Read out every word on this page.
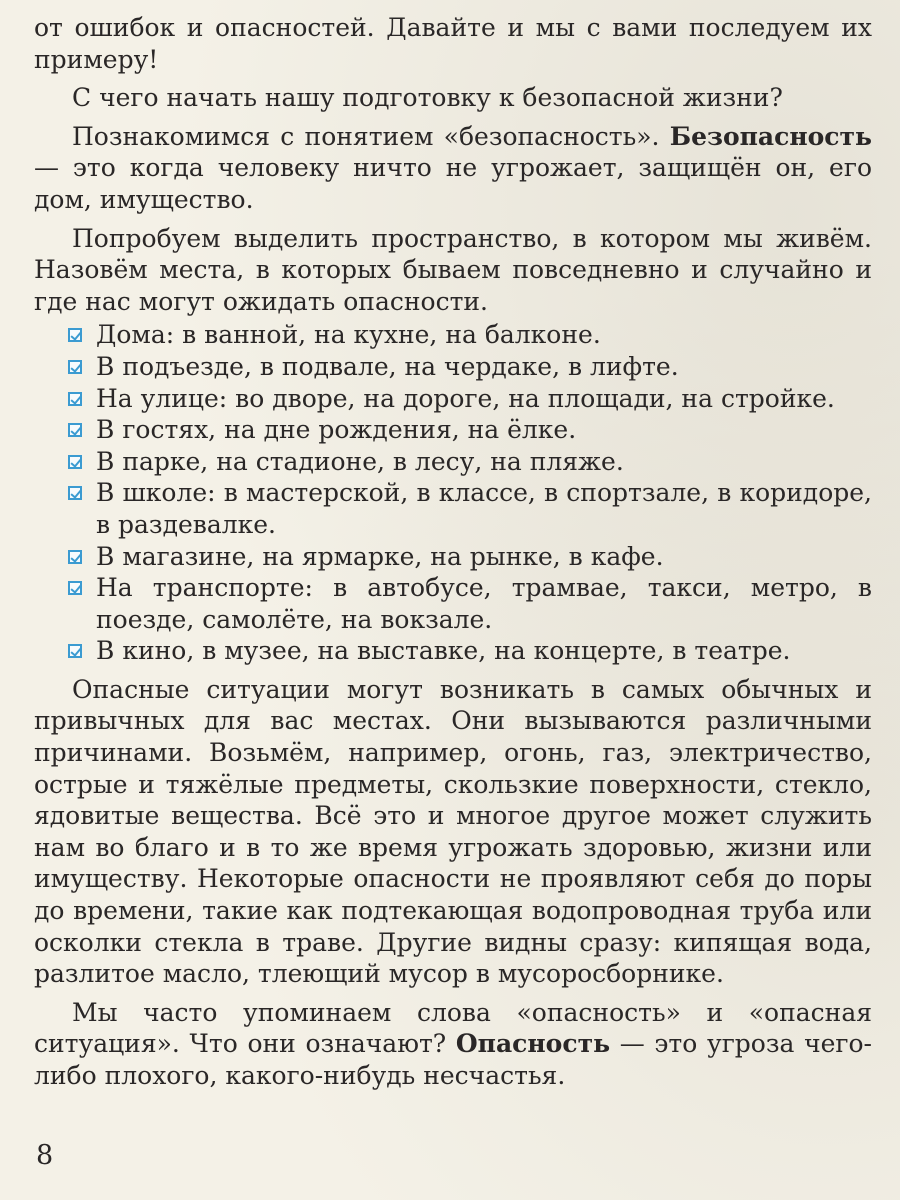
от ошибок и опасностей. Давайте и мы с вами последуем их примеру!

С чего начать нашу подготовку к безопасной жизни?

Познакомимся с понятием «безопасность». Безопасность — это когда человеку ничто не угрожает, защищён он, его дом, имущество.

Попробуем выделить пространство, в котором мы живём. Назовём места, в которых бываем повседневно и случайно и где нас могут ожидать опасности.

Дома: в ванной, на кухне, на балконе.
В подъезде, в подвале, на чердаке, в лифте.
На улице: во дворе, на дороге, на площади, на стройке.
В гостях, на дне рождения, на ёлке.
В парке, на стадионе, в лесу, на пляже.
В школе: в мастерской, в классе, в спортзале, в коридоре, в раздевалке.
В магазине, на ярмарке, на рынке, в кафе.
На транспорте: в автобусе, трамвае, такси, метро, в поезде, самолёте, на вокзале.
В кино, в музее, на выставке, на концерте, в театре.

Опасные ситуации могут возникать в самых обычных и привычных для вас местах. Они вызываются различными причинами. Возьмём, например, огонь, газ, электричество, острые и тяжёлые предметы, скользкие поверхности, стекло, ядовитые вещества. Всё это и многое другое может служить нам во благо и в то же время угрожать здоровью, жизни или имуществу. Некоторые опасности не проявляют себя до поры до времени, такие как подтекающая водопроводная труба или осколки стекла в траве. Другие видны сразу: кипящая вода, разлитое масло, тлеющий мусор в мусоросборнике.

Мы часто упоминаем слова «опасность» и «опасная ситуация». Что они означают? Опасность — это угроза чего-либо плохого, какого-нибудь несчастья.

8
